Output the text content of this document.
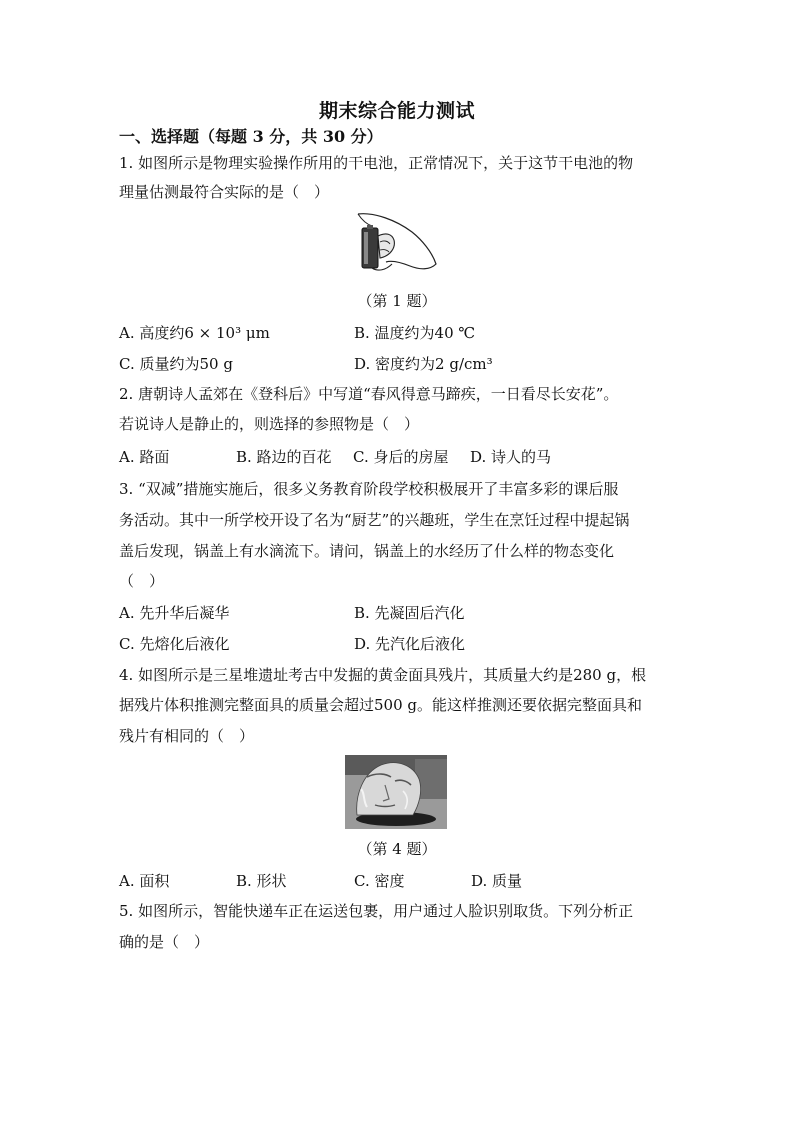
期末综合能力测试
一、选择题（每题 3 分，共 30 分）
1. 如图所示是物理实验操作所用的干电池，正常情况下，关于这节干电池的物
理量估测最符合实际的是（　）
（第 1 题）
A. 高度约6 × 10³ μm	B. 温度约为40 ℃
C. 质量约为50 g	D. 密度约为2 g/cm³
2. 唐朝诗人孟郊在《登科后》中写道“春风得意马蹄疾，一日看尽长安花”。
若说诗人是静止的，则选择的参照物是（　）
A. 路面	B. 路边的百花 C. 身后的房屋 D. 诗人的马
3. “双减”措施实施后，很多义务教育阶段学校积极展开了丰富多彩的课后服
务活动。其中一所学校开设了名为“厨艺”的兴趣班，学生在烹饪过程中提起锅
盖后发现，锅盖上有水滴流下。请问，锅盖上的水经历了什么样的物态变化
（　）
A. 先升华后凝华	B. 先凝固后汽化
C. 先熔化后液化	D. 先汽化后液化
4. 如图所示是三星堆遗址考古中发掘的黄金面具残片，其质量大约是280 g，根
据残片体积推测完整面具的质量会超过500 g。能这样推测还要依据完整面具和
残片有相同的（　）
（第 4 题）
A. 面积	B. 形状	C. 密度	D. 质量
5. 如图所示，智能快递车正在运送包裹，用户通过人脸识别取货。下列分析正
确的是（　）
